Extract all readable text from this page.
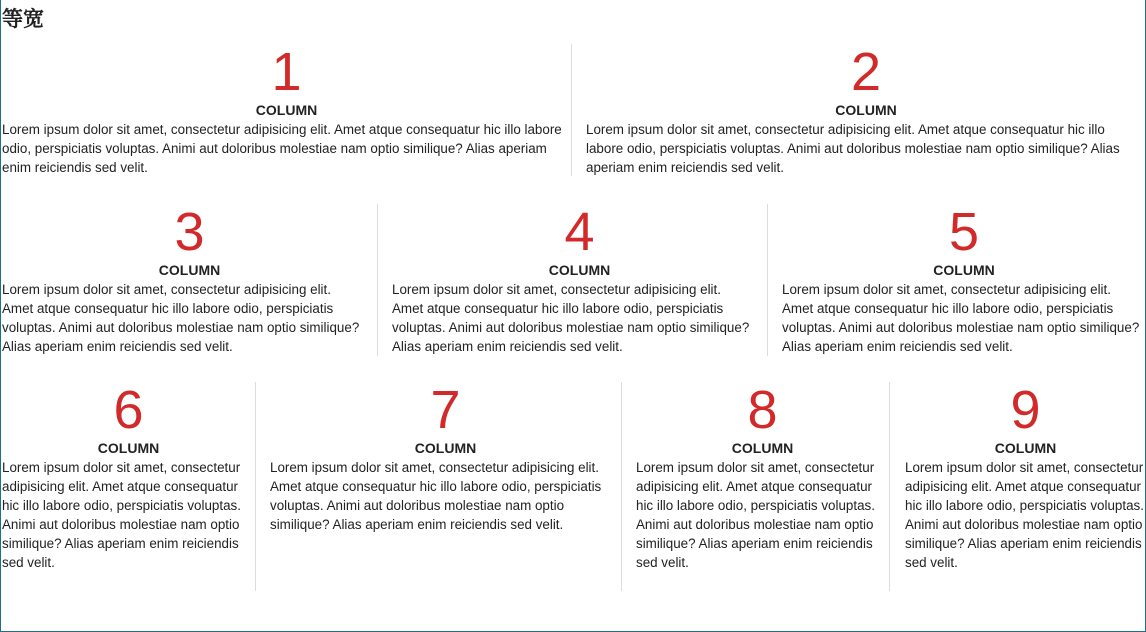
等宽
1
COLUMN
Lorem ipsum dolor sit amet, consectetur adipisicing elit. Amet atque consequatur hic illo labore odio, perspiciatis voluptas. Animi aut doloribus molestiae nam optio similique? Alias aperiam enim reiciendis sed velit.
2
COLUMN
Lorem ipsum dolor sit amet, consectetur adipisicing elit. Amet atque consequatur hic illo labore odio, perspiciatis voluptas. Animi aut doloribus molestiae nam optio similique? Alias aperiam enim reiciendis sed velit.
3
COLUMN
Lorem ipsum dolor sit amet, consectetur adipisicing elit. Amet atque consequatur hic illo labore odio, perspiciatis voluptas. Animi aut doloribus molestiae nam optio similique? Alias aperiam enim reiciendis sed velit.
4
COLUMN
Lorem ipsum dolor sit amet, consectetur adipisicing elit. Amet atque consequatur hic illo labore odio, perspiciatis voluptas. Animi aut doloribus molestiae nam optio similique? Alias aperiam enim reiciendis sed velit.
5
COLUMN
Lorem ipsum dolor sit amet, consectetur adipisicing elit. Amet atque consequatur hic illo labore odio, perspiciatis voluptas. Animi aut doloribus molestiae nam optio similique? Alias aperiam enim reiciendis sed velit.
6
COLUMN
Lorem ipsum dolor sit amet, consectetur adipisicing elit. Amet atque consequatur hic illo labore odio, perspiciatis voluptas. Animi aut doloribus molestiae nam optio similique? Alias aperiam enim reiciendis sed velit.
7
COLUMN
Lorem ipsum dolor sit amet, consectetur adipisicing elit. Amet atque consequatur hic illo labore odio, perspiciatis voluptas. Animi aut doloribus molestiae nam optio similique? Alias aperiam enim reiciendis sed velit.
8
COLUMN
Lorem ipsum dolor sit amet, consectetur adipisicing elit. Amet atque consequatur hic illo labore odio, perspiciatis voluptas. Animi aut doloribus molestiae nam optio similique? Alias aperiam enim reiciendis sed velit.
9
COLUMN
Lorem ipsum dolor sit amet, consectetur adipisicing elit. Amet atque consequatur hic illo labore odio, perspiciatis voluptas. Animi aut doloribus molestiae nam optio similique? Alias aperiam enim reiciendis sed velit.
